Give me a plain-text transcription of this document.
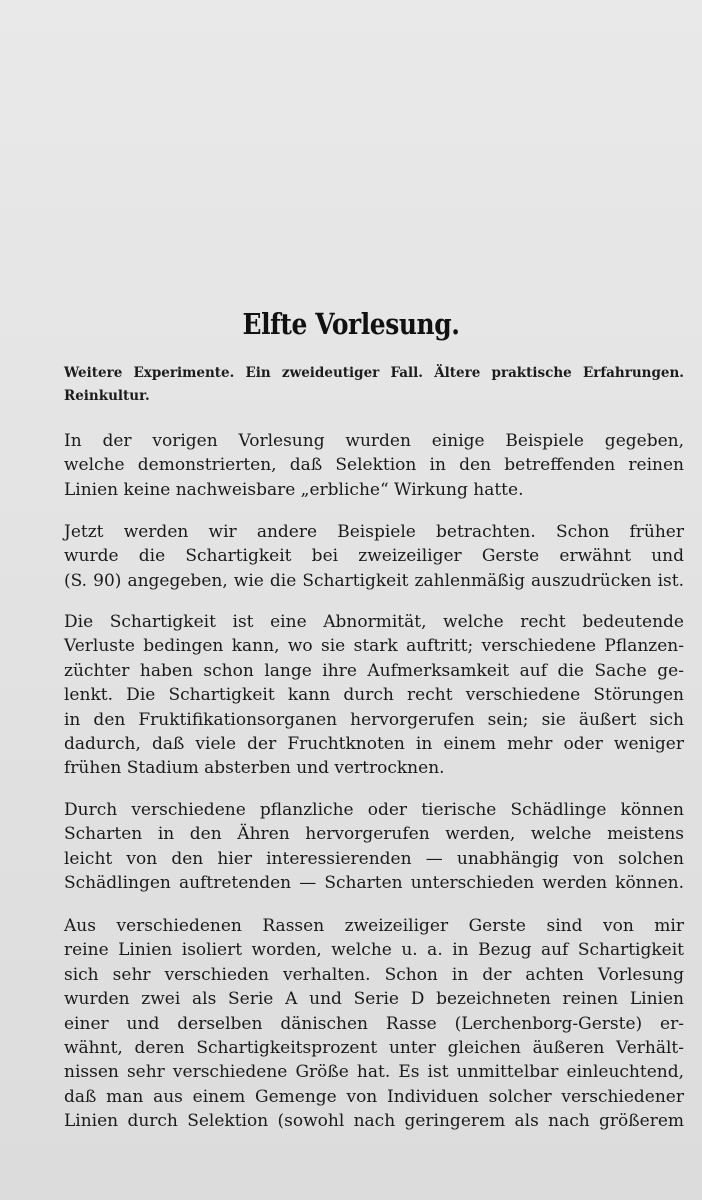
Elfte Vorlesung.
Weitere Experimente. Ein zweideutiger Fall. Ältere praktische Erfahrungen. Reinkultur.
In der vorigen Vorlesung wurden einige Beispiele gegeben,
welche demonstrierten, daß Selektion in den betreffenden reinen
Linien keine nachweisbare „erbliche“ Wirkung hatte.
Jetzt werden wir andere Beispiele betrachten. Schon früher
wurde die Schartigkeit bei zweizeiliger Gerste erwähnt und
(S. 90) angegeben, wie die Schartigkeit zahlenmäßig auszudrücken ist.
Die Schartigkeit ist eine Abnormität, welche recht bedeutende
Verluste bedingen kann, wo sie stark auftritt; verschiedene Pflanzen-
züchter haben schon lange ihre Aufmerksamkeit auf die Sache ge-
lenkt. Die Schartigkeit kann durch recht verschiedene Störungen
in den Fruktifikationsorganen hervorgerufen sein; sie äußert sich
dadurch, daß viele der Fruchtknoten in einem mehr oder weniger
frühen Stadium absterben und vertrocknen.
Durch verschiedene pflanzliche oder tierische Schädlinge können
Scharten in den Ähren hervorgerufen werden, welche meistens
leicht von den hier interessierenden — unabhängig von solchen
Schädlingen auftretenden — Scharten unterschieden werden können.
Aus verschiedenen Rassen zweizeiliger Gerste sind von mir
reine Linien isoliert worden, welche u. a. in Bezug auf Schartigkeit
sich sehr verschieden verhalten. Schon in der achten Vorlesung
wurden zwei als Serie A und Serie D bezeichneten reinen Linien
einer und derselben dänischen Rasse (Lerchenborg-Gerste) er-
wähnt, deren Schartigkeitsprozent unter gleichen äußeren Verhält-
nissen sehr verschiedene Größe hat. Es ist unmittelbar einleuchtend,
daß man aus einem Gemenge von Individuen solcher verschiedener
Linien durch Selektion (sowohl nach geringerem als nach größerem
